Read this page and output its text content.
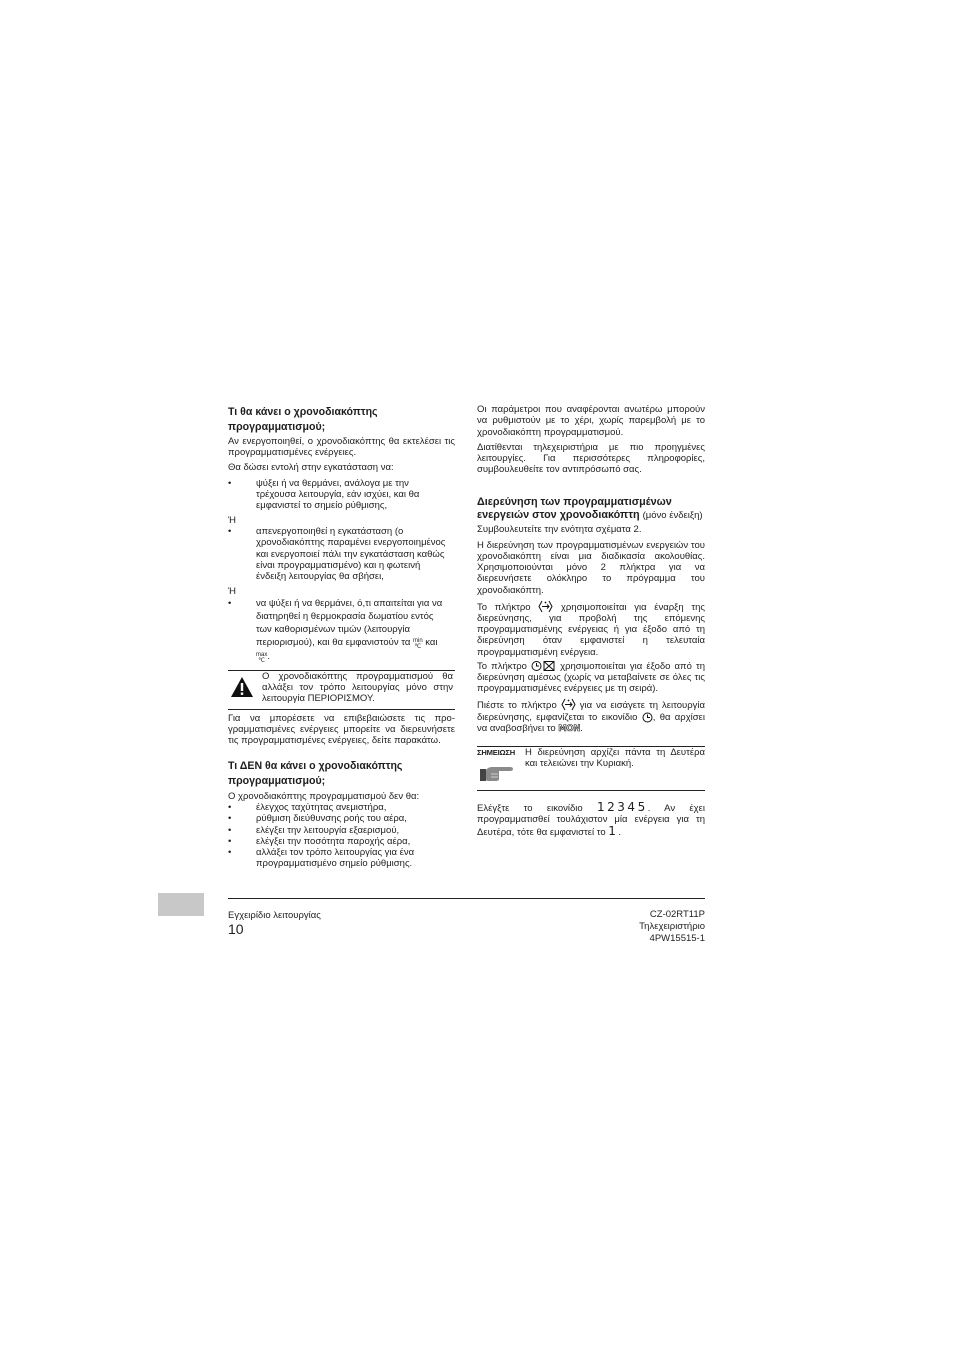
Τι θα κάνει ο χρονοδιακόπτης προγραμματισμού;

Αν ενεργοποιηθεί, ο χρονοδιακόπτης θα εκτελέσει τις προγραμματισμένες ενέργειες.

Θα δώσει εντολή στην εγκατάσταση να:

•	ψύξει ή να θερμάνει, ανάλογα με την τρέχουσα λειτουργία, εάν ισχύει, και θα εμφανιστεί το σημείο ρύθμισης,

Ή

•	απενεργοποιηθεί η εγκατάσταση (ο χρονοδιακόπτης παραμένει ενεργοποιημένος και ενεργοποιεί πάλι την εγκατάσταση καθώς είναι προγραμματισμένο) και η φωτεινή ένδειξη λειτουργίας θα σβήσει,

Ή

•	να ψύξει ή να θερμάνει, ό,τι απαιτείται για να διατηρηθεί η θερμοκρασία δωματίου εντός των καθορισμένων τιμών (λειτουργία περιορισμού), και θα εμφανιστούν τα min
℃ και
max
℃ .

Ο χρονοδιακόπτης προγραμματισμού θα αλλάξει τον τρόπο λειτουργίας μόνο στην λειτουργία ΠΕΡΙΟΡΙΣΜΟΥ.

Για να μπορέσετε να επιβεβαιώσετε τις προ-γραμματισμένες ενέργειες μπορείτε να διερευνήσετε τις προγραμματισμένες ενέργειες, δείτε παρακάτω.

Τι ΔΕΝ θα κάνει ο χρονοδιακόπτης προγραμματισμού;

Ο χρονοδιακόπτης προγραμματισμού δεν θα:

•	έλεγχος ταχύτητας ανεμιστήρα,
•	ρύθμιση διεύθυνσης ροής του αέρα,
•	ελέγξει την λειτουργία εξαερισμού,
•	ελέγξει την ποσότητα παροχής αέρα,
•	αλλάξει τον τρόπο λειτουργίας για ένα προγραμματισμένο σημείο ρύθμισης.

Οι παράμετροι που αναφέρονται ανωτέρω μπορούν να ρυθμιστούν με το χέρι, χωρίς παρεμβολή με το χρονοδιακόπτη προγραμματισμού.

Διατίθενται τηλεχειριστήρια με πιο προηγμένες λειτουργίες. Για περισσότερες πληροφορίες, συμβουλευθείτε τον αντιπρόσωπό σας.

Διερεύνηση των προγραμματισμένων ενεργειών στον χρονοδιακόπτη (μόνο ένδειξη)

Συμβουλευτείτε την ενότητα σχέματα 2.

Η διερεύνηση των προγραμματισμένων ενεργειών του χρονοδιακόπτη είναι μια διαδικασία ακολουθίας. Χρησιμοποιούνται μόνο 2 πλήκτρα για να διερευνήσετε ολόκληρο το πρόγραμμα του χρονοδιακόπτη.

Το πλήκτρο  χρησιμοποιείται για έναρξη της διερεύνησης, για προβολή της επόμενης προγραμματισμένης ενέργειας ή για έξοδο από τη διερεύνηση όταν εμφανιστεί η τελευταία προγραμματισμένη ενέργεια.

Το πλήκτρο	χρησιμοποιείται για έξοδο από τη διερεύνηση αμέσως (χωρίς να μεταβαίνετε σε όλες τις προγραμματισμένες ενέργειες με τη σειρά).

Πιέστε το πλήκτρο  για να εισάγετε τη λειτουργία διερεύνησης, εμφανίζεται το εικονίδιο , θα αρχίσει να αναβοσβήνει το MON.

ΣΗΜΕΙΩΣΗ	Η διερεύνηση αρχίζει πάντα τη Δευτέρα και τελειώνει την Κυριακή.

Ελέγξτε το εικονίδιο 12345. Αν έχει προγραμματισθεί τουλάχιστον μία ενέργεια για τη Δευτέρα, τότε θα εμφανιστεί το 1.

Εγχειρίδιο λειτουργίας
10
CZ-02RT11P
Τηλεχειριστήριο
4PW15515-1
